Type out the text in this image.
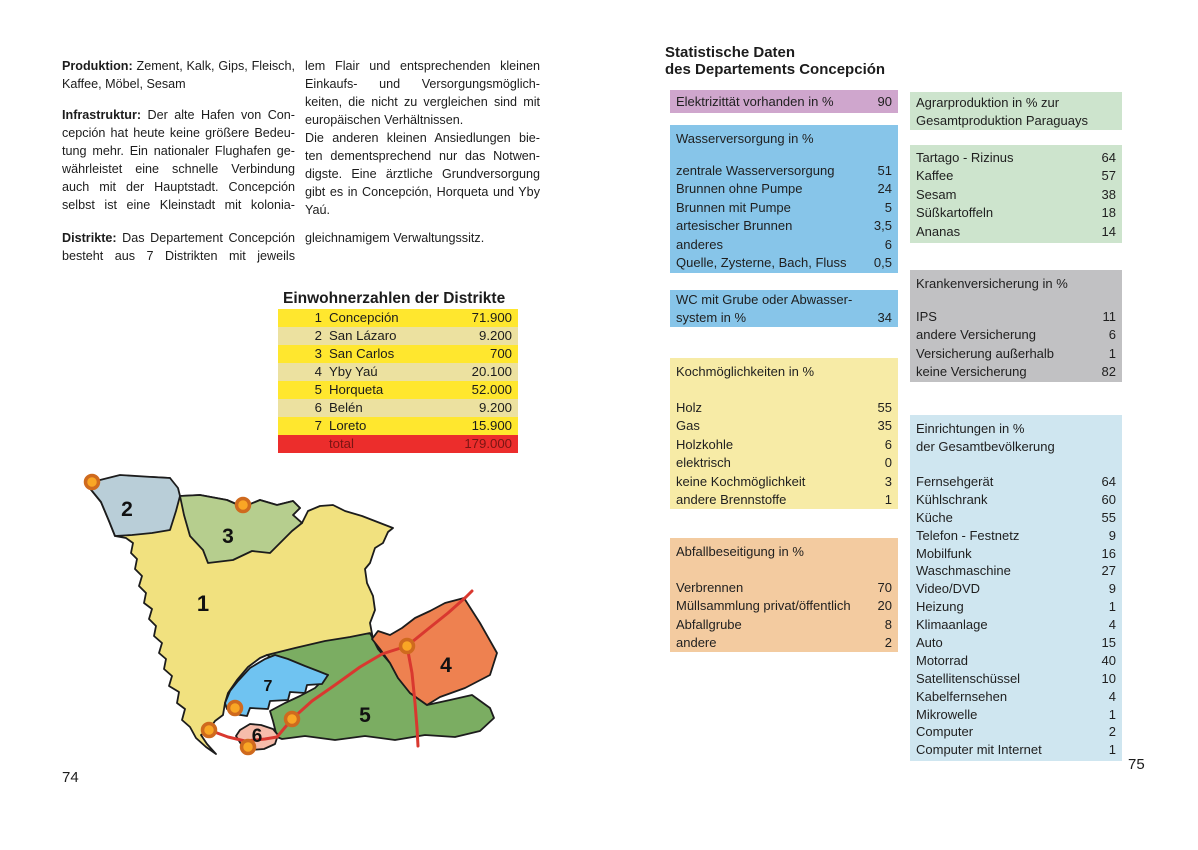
Produktion: Zement, Kalk, Gips, Fleisch,
Kaffee, Möbel, Sesam
Infrastruktur: Der alte Hafen von Con-
cepción hat heute keine größere Bedeu-
tung mehr. Ein nationaler Flughafen ge-
währleistet eine schnelle Verbindung
auch mit der Hauptstadt. Concepción
selbst ist eine Kleinstadt mit kolonia-
Distrikte: Das Departement Concepción
besteht aus 7 Distrikten mit jeweils
lem Flair und entsprechenden kleinen
Einkaufs- und Versorgungsmöglich-
keiten, die nicht zu vergleichen sind mit
europäischen Verhältnissen.
Die anderen kleinen Ansiedlungen bie-
ten dementsprechend nur das Notwen-
digste. Eine ärztliche Grundversorgung
gibt es in Concepción, Horqueta und Yby
Yaú.
gleichnamigem Verwaltungssitz.
Einwohnerzahlen der Distrikte
1 Concepción	71.900
2 San Lázaro	9.200
3 San Carlos	700
4 Yby Yaú	20.100
5 Horqueta	52.000
6 Belén	9.200
7 Loreto	15.900
total	179.000
1
2
3
4
5
6
7
74
Statistische Daten
des Departements Concepción
Elektrizittät vorhanden in %	90
Wasserversorgung in %
zentrale Wasserversorgung	51
Brunnen ohne Pumpe	24
Brunnen mit Pumpe	5
artesischer Brunnen	3,5
anderes	6
Quelle, Zysterne, Bach, Fluss	0,5
WC mit Grube oder Abwasser-
system in %	34
Kochmöglichkeiten in %
Holz	55
Gas	35
Holzkohle	6
elektrisch	0
keine Kochmöglichkeit	3
andere Brennstoffe	1
Abfallbeseitigung in %
Verbrennen	70
Müllsammlung privat/öffentlich	20
Abfallgrube	8
andere	2
Agrarproduktion in % zur
Gesamtproduktion Paraguays
Tartago - Rizinus	64
Kaffee	57
Sesam	38
Süßkartoffeln	18
Ananas	14
Krankenversicherung in %
IPS	11
andere Versicherung	6
Versicherung außerhalb	1
keine Versicherung	82
Einrichtungen in %
der Gesamtbevölkerung
Fernsehgerät	64
Kühlschrank	60
Küche	55
Telefon - Festnetz	9
Mobilfunk	16
Waschmaschine	27
Video/DVD	9
Heizung	1
Klimaanlage	4
Auto	15
Motorrad	40
Satellitenschüssel	10
Kabelfernsehen	4
Mikrowelle	1
Computer	2
Computer mit Internet	1
75
